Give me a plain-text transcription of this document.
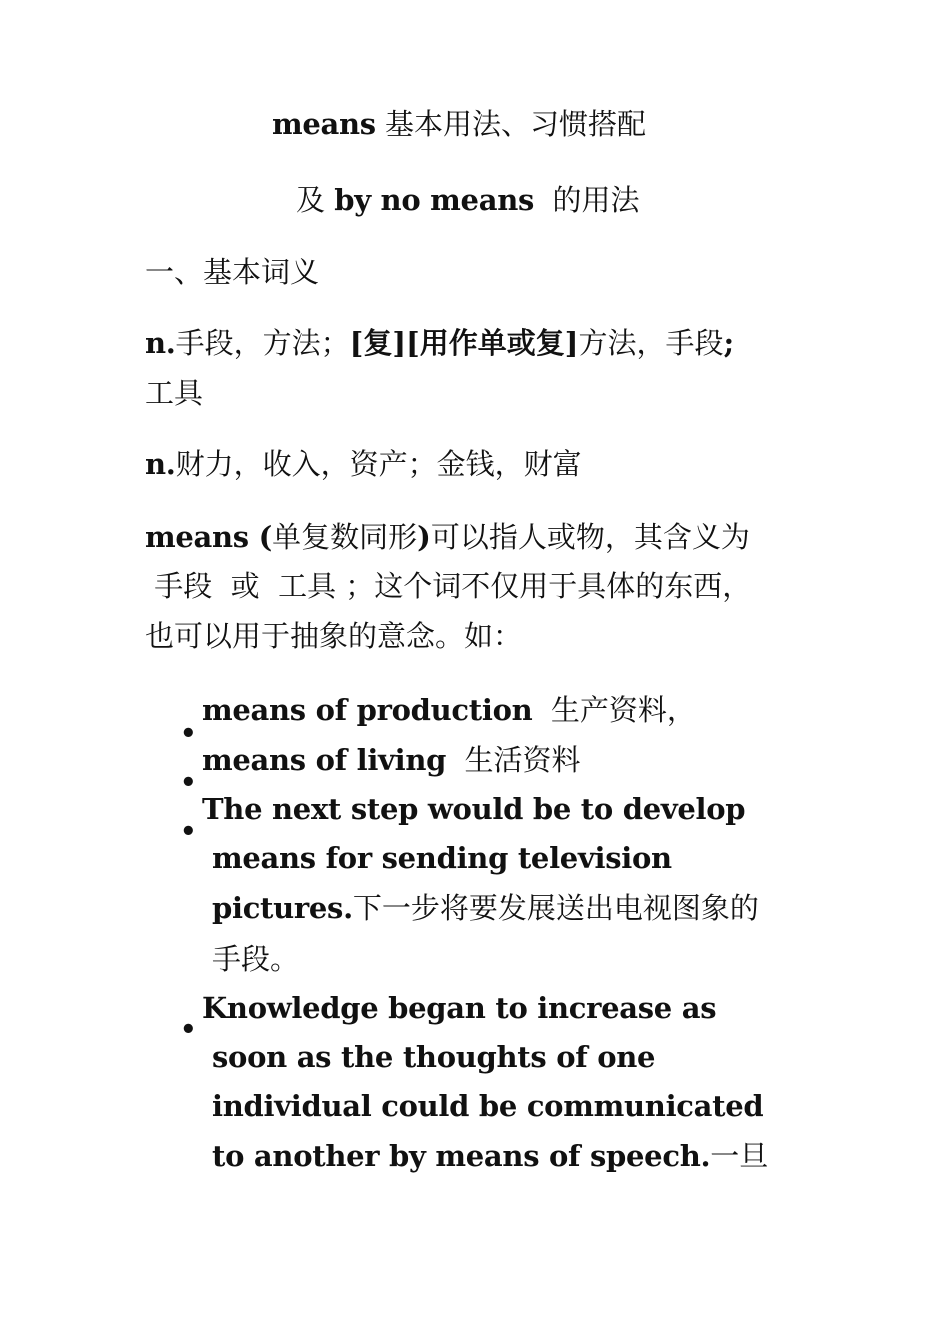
means 基本用法、习惯搭配
及 by no means  的用法
一、基本词义
n.手段，方法；[复][用作单或复]方法，手段;
工具
n.财力，收入，资产；金钱，财富
means (单复数同形)可以指人或物，其含义为
手段  或  工具 ；这个词不仅用于具体的东西，
也可以用于抽象的意念。如：
•
means of production  生产资料，
•
means of living  生活资料
•
The next step would be to develop
means for sending television
pictures.下一步将要发展送出电视图象的
手段。
•
Knowledge began to increase as
soon as the thoughts of one
individual could be communicated
to another by means of speech.一旦
